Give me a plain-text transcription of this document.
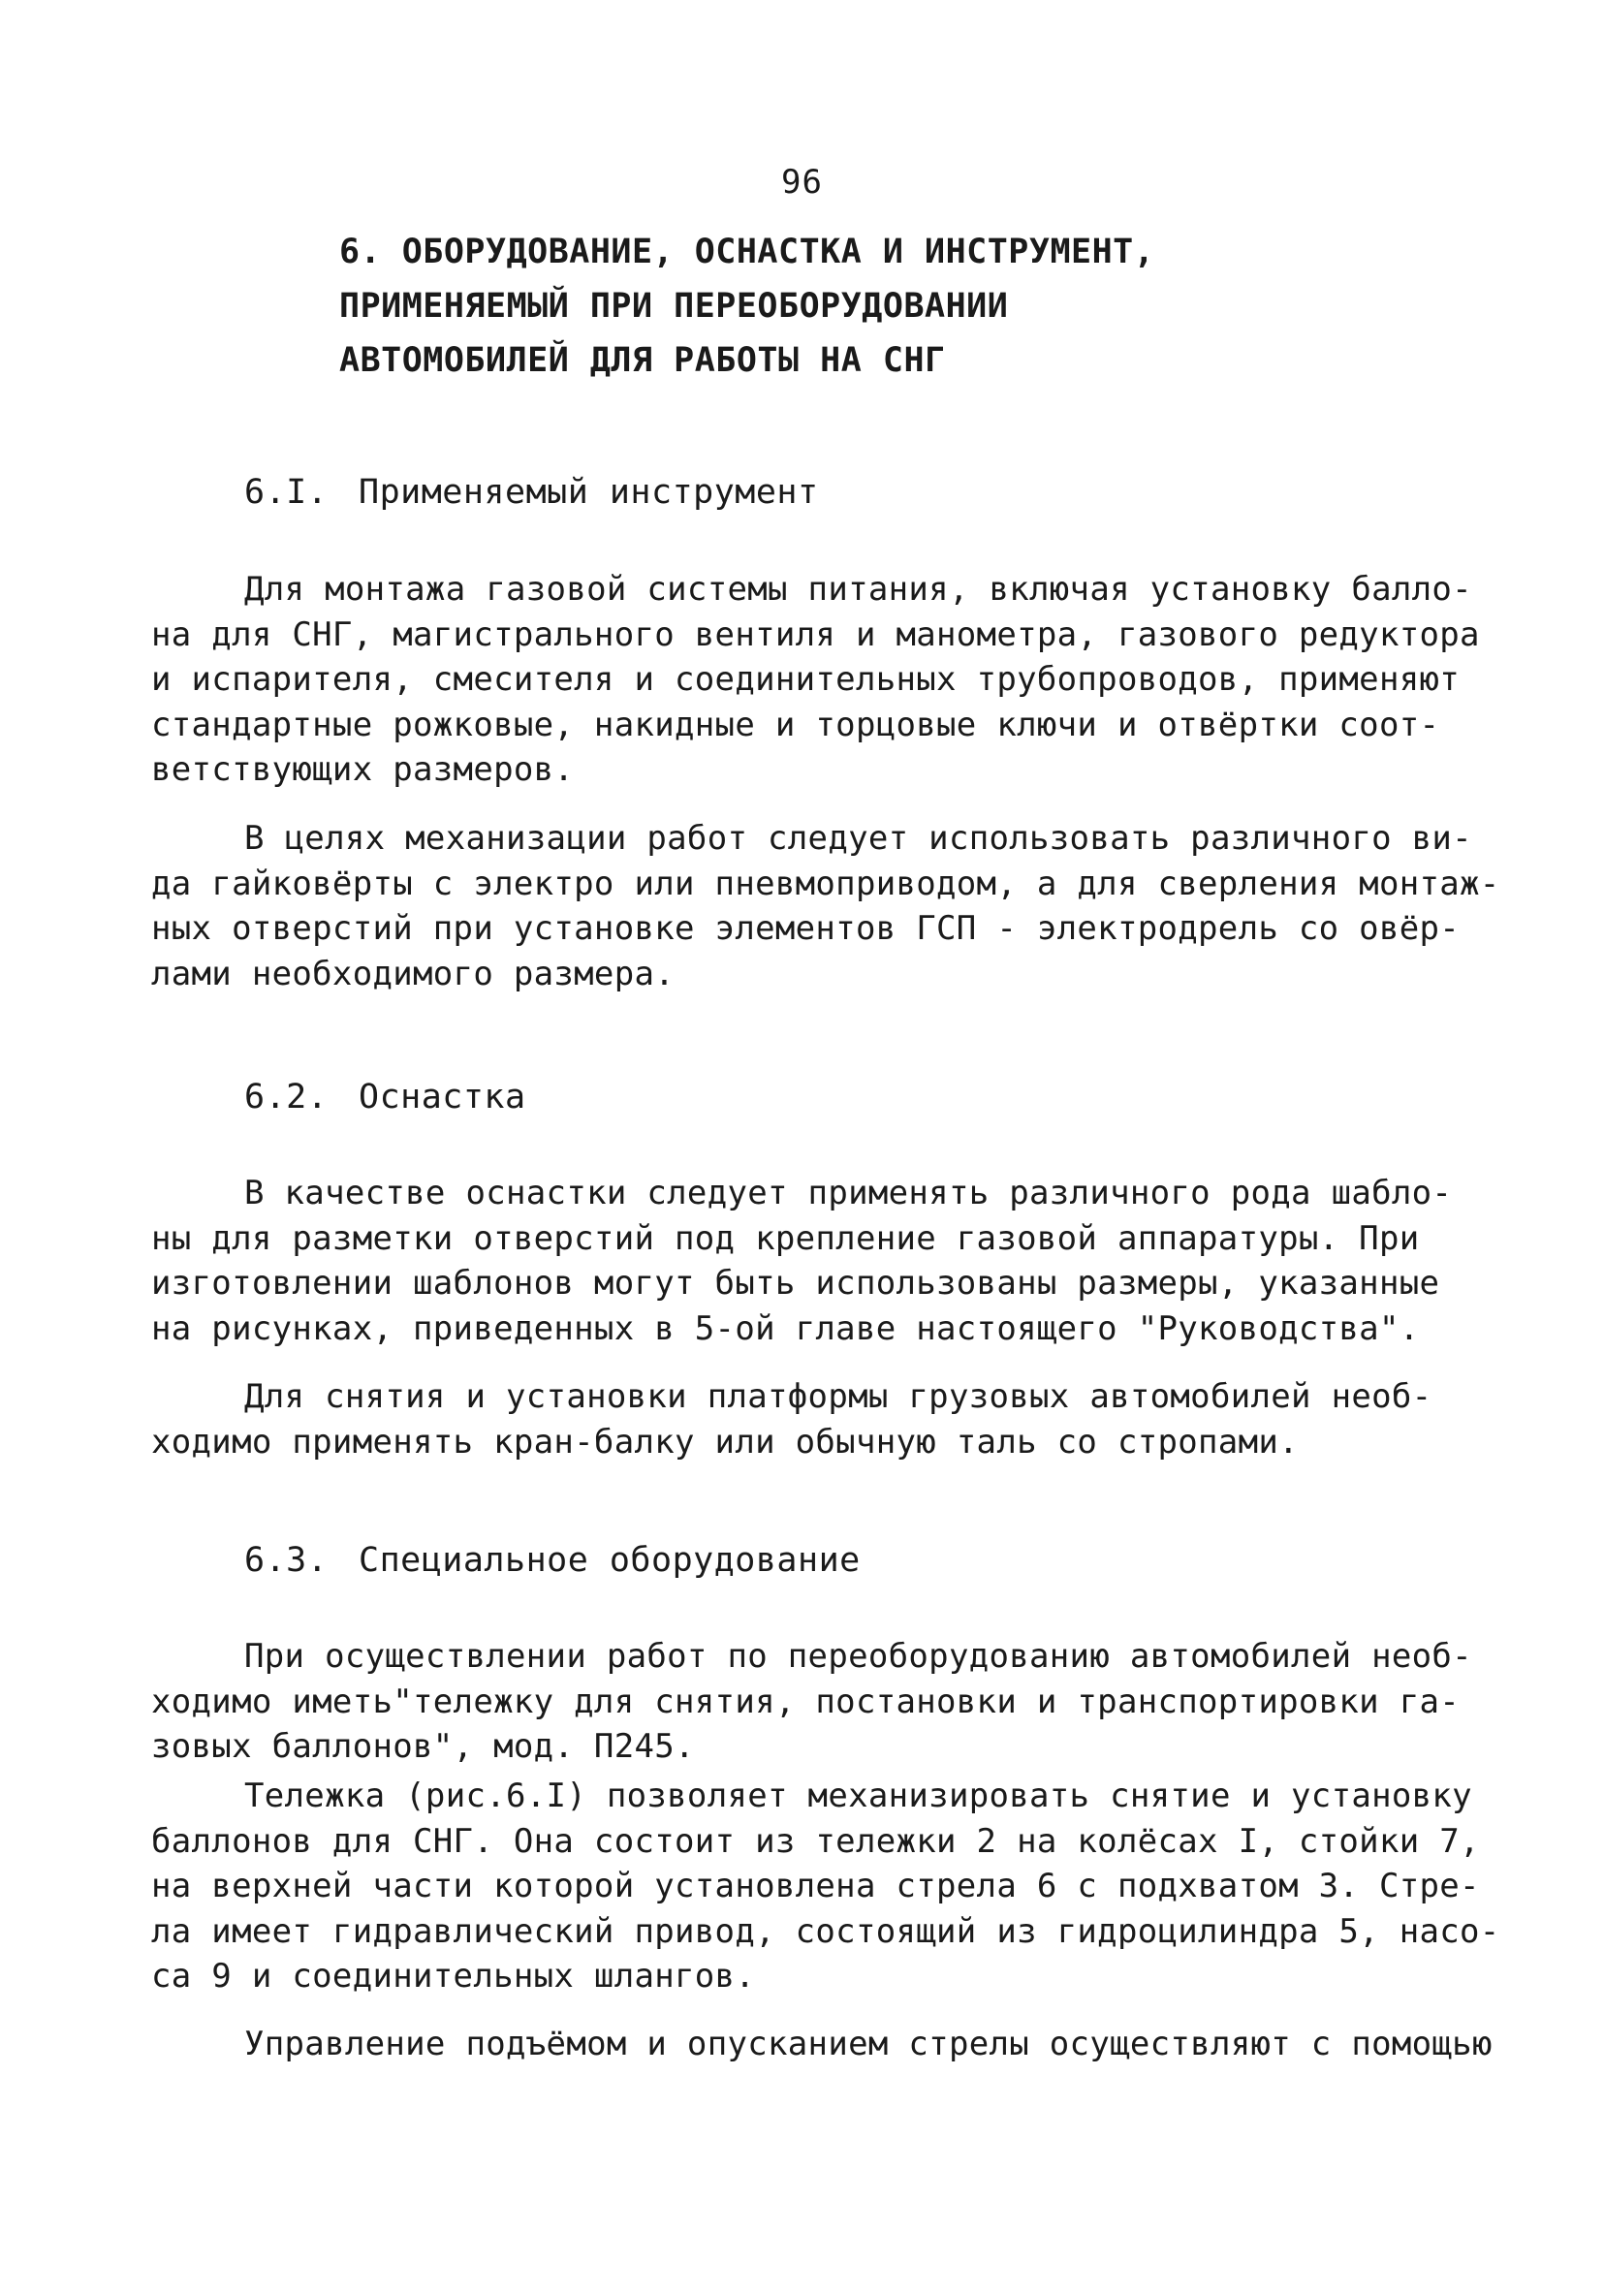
96
6. ОБОРУДОВАНИЕ, ОСНАСТКА И ИНСТРУМЕНТ,
ПРИМЕНЯЕМЫЙ ПРИ ПЕРЕОБОРУДОВАНИИ
АВТОМОБИЛЕЙ ДЛЯ РАБОТЫ НА СНГ
6.I. Применяемый инструмент
Для монтажа газовой системы питания, включая установку балло-
на для СНГ, магистрального вентиля и манометра, газового редуктора
и испарителя, смесителя и соединительных трубопроводов, применяют
стандартные рожковые, накидные и торцовые ключи и отвёртки соот-
ветствующих размеров.
В целях механизации работ следует использовать различного ви-
да гайковёрты с электро или пневмоприводом, а для сверления монтаж-
ных отверстий при установке элементов ГСП - электродрель со овёр-
лами необходимого размера.
6.2. Оснастка
В качестве оснастки следует применять различного рода шабло-
ны для разметки отверстий под крепление газовой аппаратуры. При
изготовлении шаблонов могут быть использованы размеры, указанные
на рисунках, приведенных в 5-ой главе настоящего "Руководства".
Для снятия и установки платформы грузовых автомобилей необ-
ходимо применять кран-балку или обычную таль со стропами.
6.3. Специальное оборудование
При осуществлении работ по переоборудованию автомобилей необ-
ходимо иметь"тележку для снятия, постановки и транспортировки га-
зовых баллонов", мод. П245.
Тележка (рис.6.I) позволяет механизировать снятие и установку
баллонов для СНГ. Она состоит из тележки 2 на колёсах I, стойки 7,
на верхней части которой установлена стрела 6 с подхватом 3. Стре-
ла имеет гидравлический привод, состоящий из гидроцилиндра 5, насо-
са 9 и соединительных шлангов.
Управление подъёмом и опусканием стрелы осуществляют с помощью
